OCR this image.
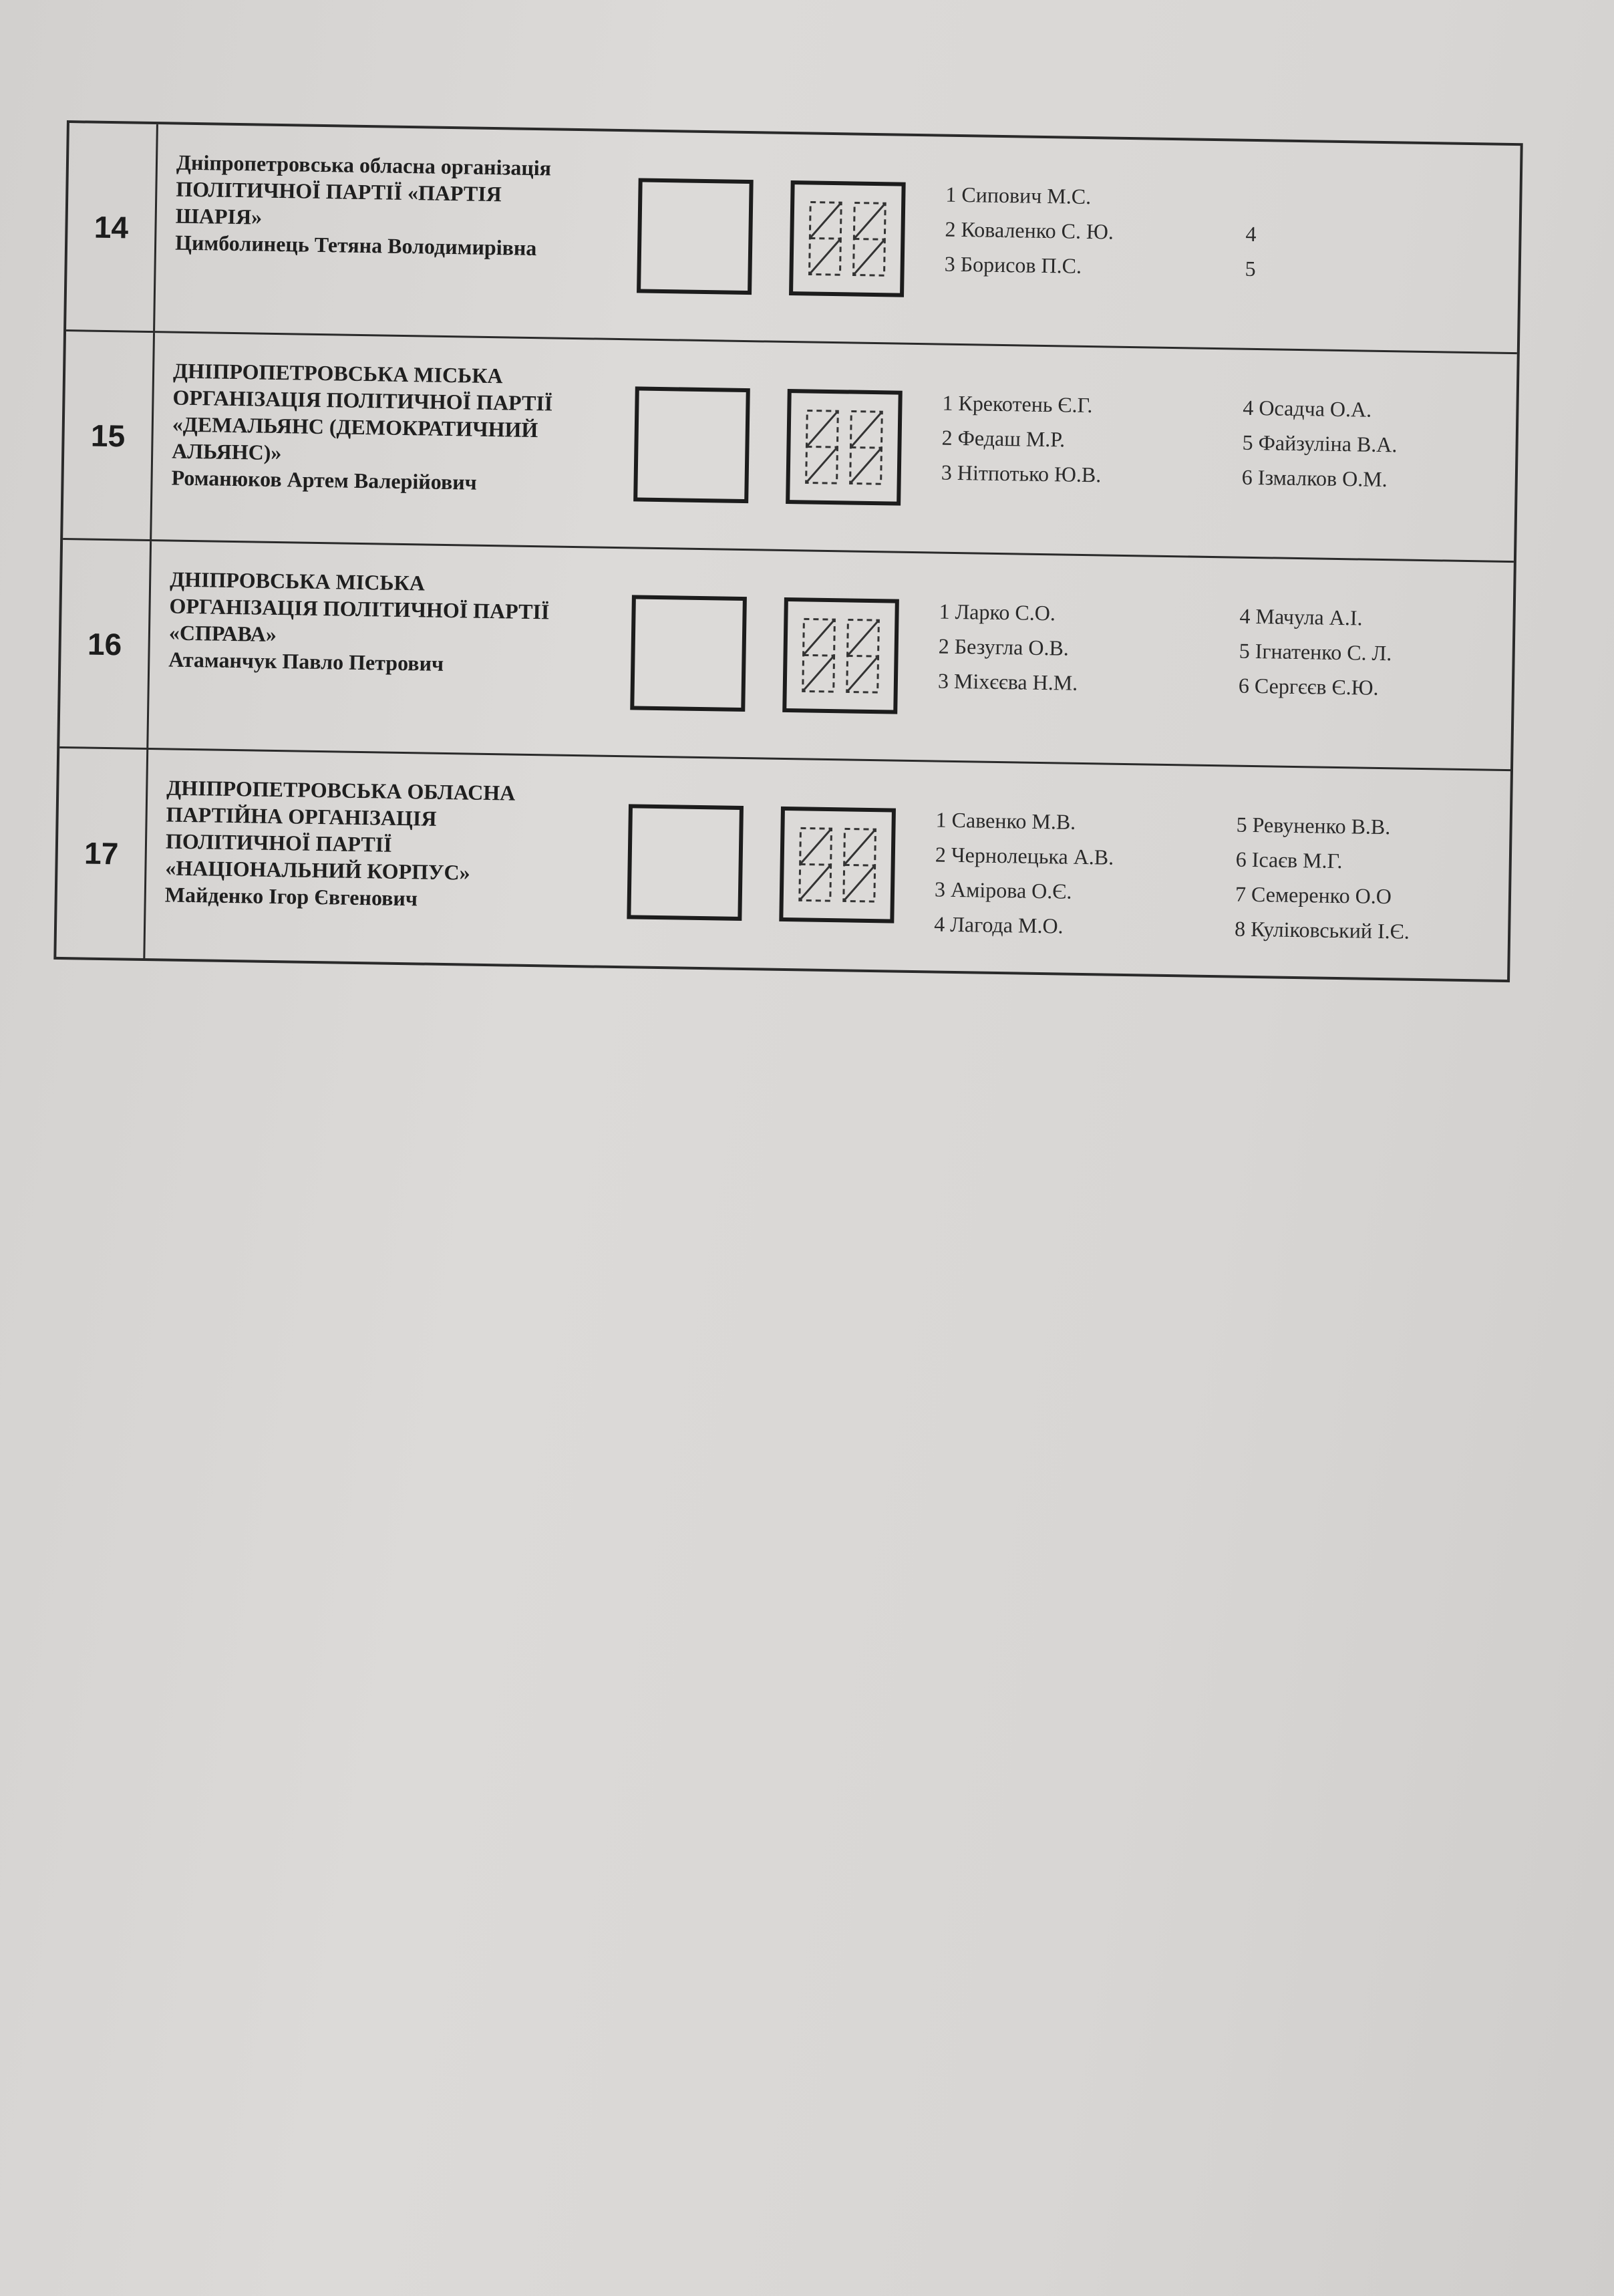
14
Дніпропетровська обласна організація
ПОЛІТИЧНОЇ ПАРТІЇ «ПАРТІЯ
ШАРІЯ»

Цимболинець Тетяна Володимирівна
1 Сипович М.С.
2 Коваленко С. Ю.
3 Борисов П.С.
4
5
15
ДНІПРОПЕТРОВСЬКА МІСЬКА
ОРГАНІЗАЦІЯ ПОЛІТИЧНОЇ ПАРТІЇ
«ДЕМАЛЬЯНС (ДЕМОКРАТИЧНИЙ
АЛЬЯНС)»

Романюков Артем Валерійович
1 Крекотень Є.Г.
2 Федаш М.Р.
3 Нітпотько Ю.В.
4 Осадча О.А.
5 Файзуліна В.А.
6 Ізмалков О.М.
16
ДНІПРОВСЬКА МІСЬКА
ОРГАНІЗАЦІЯ ПОЛІТИЧНОЇ ПАРТІЇ
«СПРАВА»

Атаманчук Павло Петрович
1 Ларко С.О.
2 Безугла О.В.
3 Міхєєва Н.М.
4 Мачула А.І.
5 Ігнатенко С. Л.
6 Сергєєв Є.Ю.
17
ДНІПРОПЕТРОВСЬКА ОБЛАСНА
ПАРТІЙНА ОРГАНІЗАЦІЯ
ПОЛІТИЧНОЇ ПАРТІЇ
«НАЦІОНАЛЬНИЙ КОРПУС»

Майденко Ігор Євгенович
1 Савенко М.В.
2 Чернолецька А.В.
3 Амірова О.Є.
4 Лагода М.О.
5 Ревуненко В.В.
6 Ісаєв М.Г.
7 Семеренко О.О
8 Куліковський І.Є.
